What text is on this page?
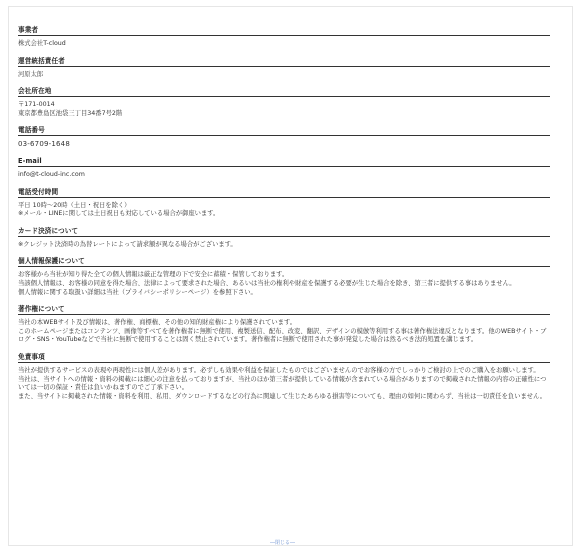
事業者

株式会社T-cloud

運営統括責任者

河原太郎

会社所在地

〒171-0014
東京都豊島区池袋三丁目34番7号2階

電話番号

03-6709-1648

E-mail

info@t-cloud-inc.com

電話受付時間

平日 10時〜20時（土日・祝日を除く）
※メール・LINEに関しては土日祝日も対応している場合が御座います。

カード決済について

※クレジット決済時の為替レートによって請求額が異なる場合がございます。

個人情報保護について

お客様から当社が知り得た全ての個人情報は厳正な管理の下で安全に蓄積・保管しております。
当該個人情報は、お客様の同意を得た場合、法律によって要求された場合、あるいは当社の権利や財産を保護する必要が生じた場合を除き、第三者に提供する事はありません。
個人情報に関する取扱い詳細は当社（プライバシーポリシーページ）を参照下さい。

著作権について

当社の本WEBサイト及び情報は、著作権、商標権、その他の知的財産権により保護されています。
このホームページまたはコンテンツ、画像等すべてを著作権者に無断で使用、複製送信、配布、改変、翻訳、デザインの模倣等利用する事は著作権法違反となります。他のWEBサイト・ブログ・SNS・YouTubeなどで当社に無断で使用することは固く禁止されています。著作権者に無断で使用された事が発覚した場合は然るべき法的処置を講じます。

免責事項

当社が提供するサービスの表現や再現性には個人差があります。必ずしも効果や利益を保証したものではございませんのでお客様の方でしっかりご検討の上でのご購入をお願いします。
当社は、当サイトへの情報・資料の掲載には細心の注意を払っておりますが、当社のほか第三者が提供している情報が含まれている場合がありますので掲載された情報の内容の正確性については一切の保証・責任は負いかねますのでご了承下さい。
また、当サイトに掲載された情報・資料を利用、私用、ダウンロードするなどの行為に関連して生じたあらゆる損害等についても、理由の如何に関わらず、当社は一切責任を負いません。

―閉じる―
